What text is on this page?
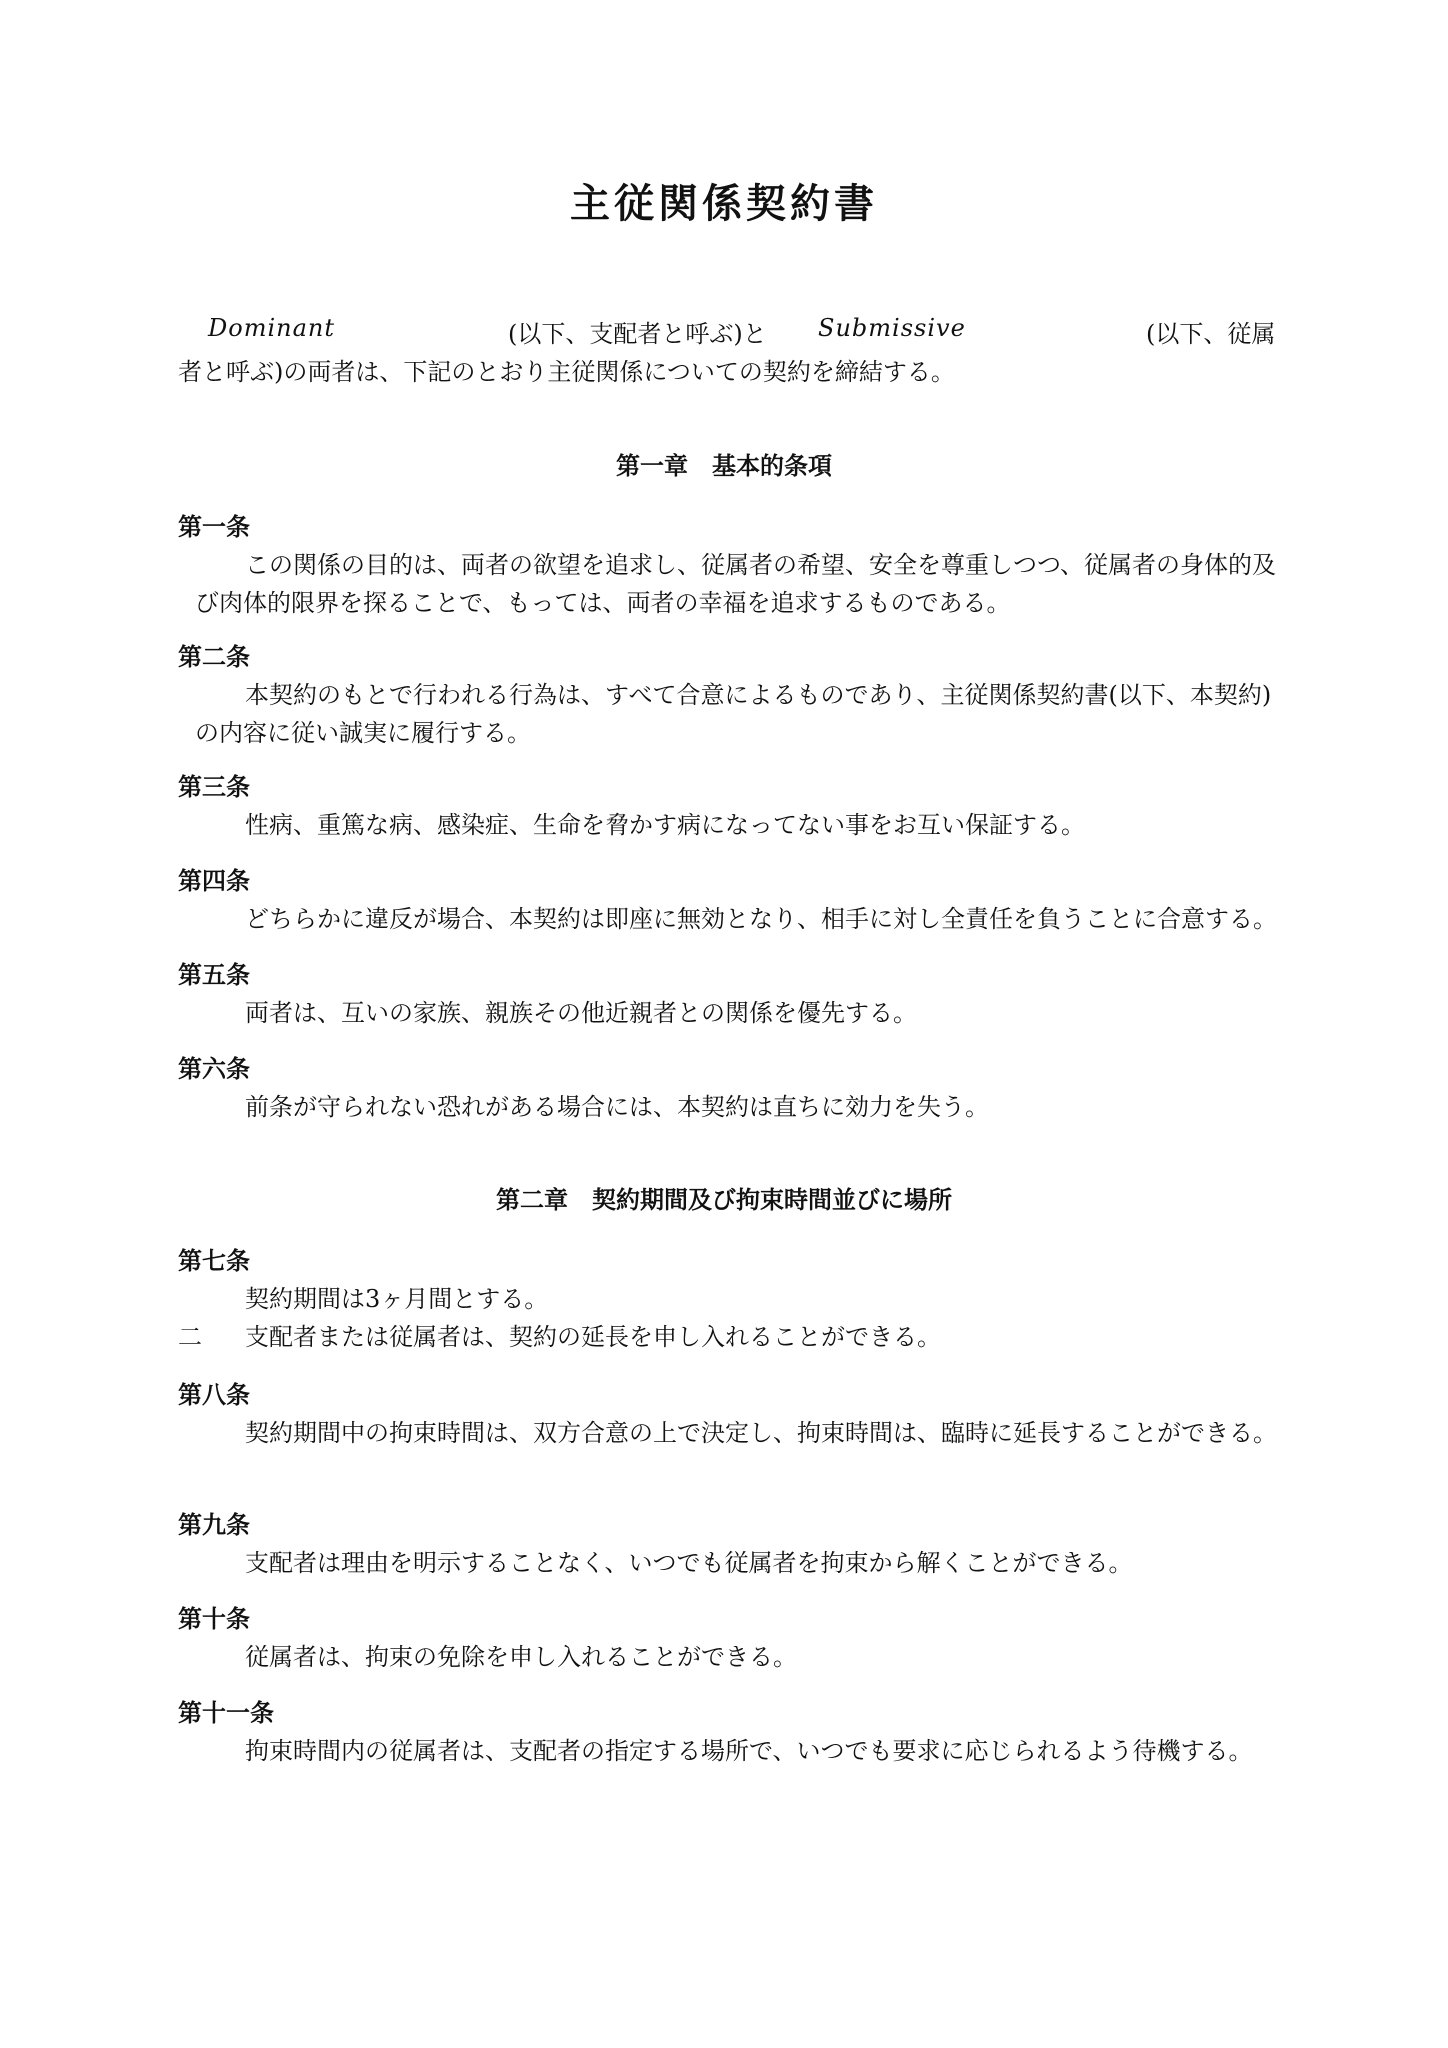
主従関係契約書
Dominant	(以下、支配者と呼ぶ)と Submissive	(以下、従属
者と呼ぶ)の両者は、下記のとおり主従関係についての契約を締結する。
第一章　基本的条項
第一条
この関係の目的は、両者の欲望を追求し、従属者の希望、安全を尊重しつつ、従属者の身体的及び肉体的限界を探ることで、もっては、両者の幸福を追求するものである。
第二条
本契約のもとで行われる行為は、すべて合意によるものであり、主従関係契約書(以下、本契約)の内容に従い誠実に履行する。
第三条
性病、重篤な病、感染症、生命を脅かす病になってない事をお互い保証する。
第四条
どちらかに違反が場合、本契約は即座に無効となり、相手に対し全責任を負うことに合意する。
第五条
両者は、互いの家族、親族その他近親者との関係を優先する。
第六条
前条が守られない恐れがある場合には、本契約は直ちに効力を失う。
第二章　契約期間及び拘束時間並びに場所
第七条
契約期間は3ヶ月間とする。
二 支配者または従属者は、契約の延長を申し入れることができる。
第八条
契約期間中の拘束時間は、双方合意の上で決定し、拘束時間は、臨時に延長することができる。
第九条
支配者は理由を明示することなく、いつでも従属者を拘束から解くことができる。
第十条
従属者は、拘束の免除を申し入れることができる。
第十一条
拘束時間内の従属者は、支配者の指定する場所で、いつでも要求に応じられるよう待機する。
